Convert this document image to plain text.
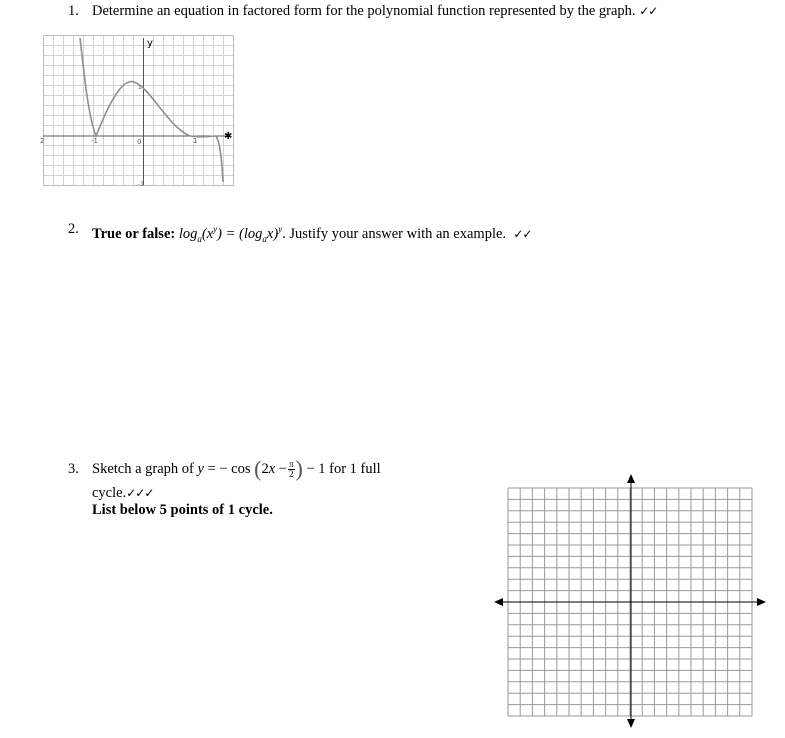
1. Determine an equation in factored form for the polynomial function represented by the graph. ✓✓
✱
y
2	-1	0	1
1
-1
2. True or false: $\log_a(x^y) = (\log_ax)^y$. Justify your answer with an example. ✓✓
3. Sketch a graph of y = − $\cos (2x - \frac{\pi}{2}$ ) − 1 for 1 full
cycle.✓✓✓
List below 5 points of 1 cycle.
